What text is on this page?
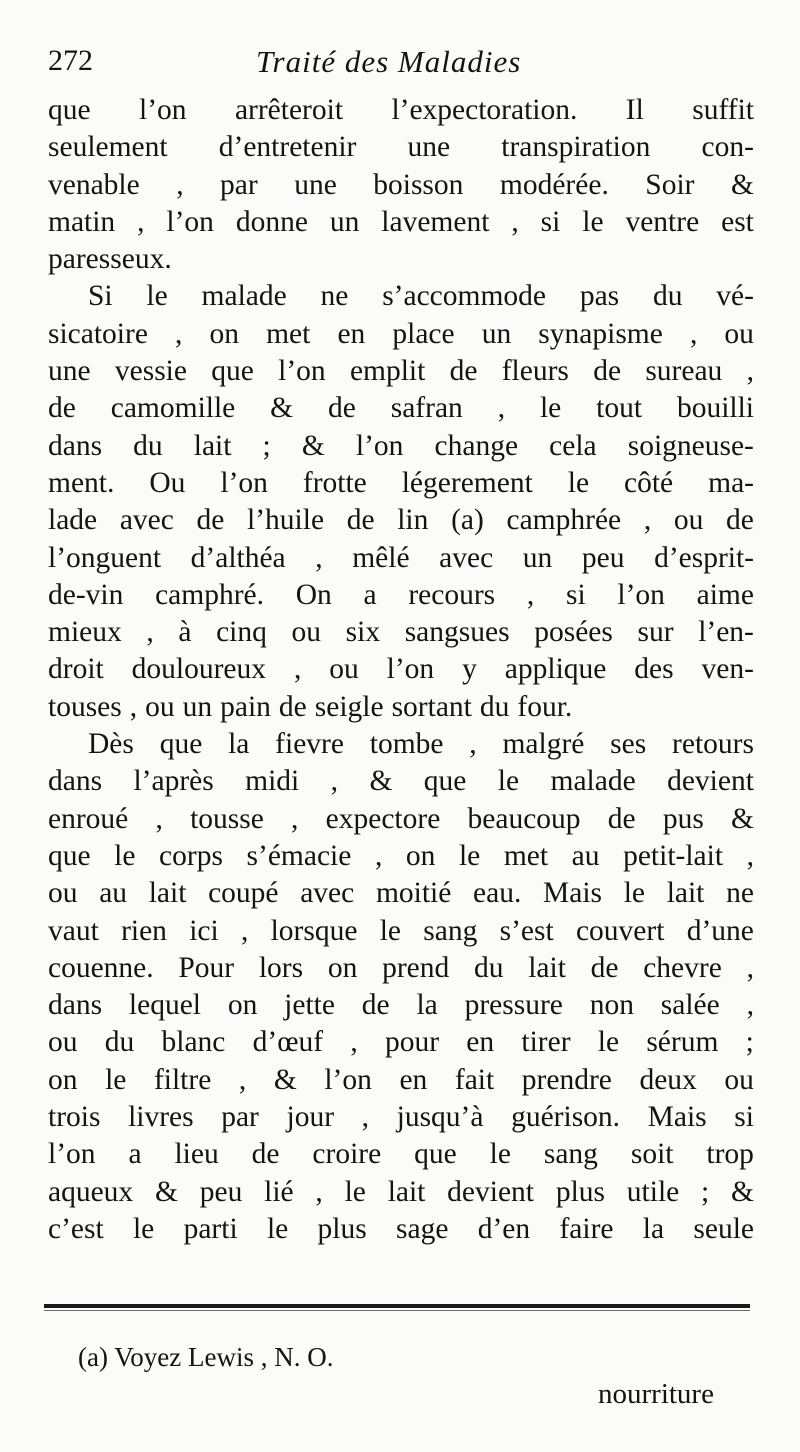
272	Traité des Maladies
que l’on arrêteroit l’expectoration. Il suffit
seulement d’entretenir une transpiration con-
venable , par une boisson modérée. Soir &
matin , l’on donne un lavement , si le ventre est
paresseux.
Si le malade ne s’accommode pas du vé-
sicatoire , on met en place un synapisme , ou
une vessie que l’on emplit de fleurs de sureau ,
de camomille & de safran , le tout bouilli
dans du lait ; & l’on change cela soigneuse-
ment. Ou l’on frotte légerement le côté ma-
lade avec de l’huile de lin (a) camphrée , ou de
l’onguent d’althéa , mêlé avec un peu d’esprit-
de-vin camphré. On a recours , si l’on aime
mieux , à cinq ou six sangsues posées sur l’en-
droit douloureux , ou l’on y applique des ven-
touses , ou un pain de seigle sortant du four.
Dès que la fievre tombe , malgré ses retours
dans l’après midi , & que le malade devient
enroué , tousse , expectore beaucoup de pus &
que le corps s’émacie , on le met au petit-lait ,
ou au lait coupé avec moitié eau. Mais le lait ne
vaut rien ici , lorsque le sang s’est couvert d’une
couenne. Pour lors on prend du lait de chevre ,
dans lequel on jette de la pressure non salée ,
ou du blanc d’œuf , pour en tirer le sérum ;
on le filtre , & l’on en fait prendre deux ou
trois livres par jour , jusqu’à guérison. Mais si
l’on a lieu de croire que le sang soit trop
aqueux & peu lié , le lait devient plus utile ; &
c’est le parti le plus sage d’en faire la seule
(a) Voyez Lewis , N. O.
nourriture
